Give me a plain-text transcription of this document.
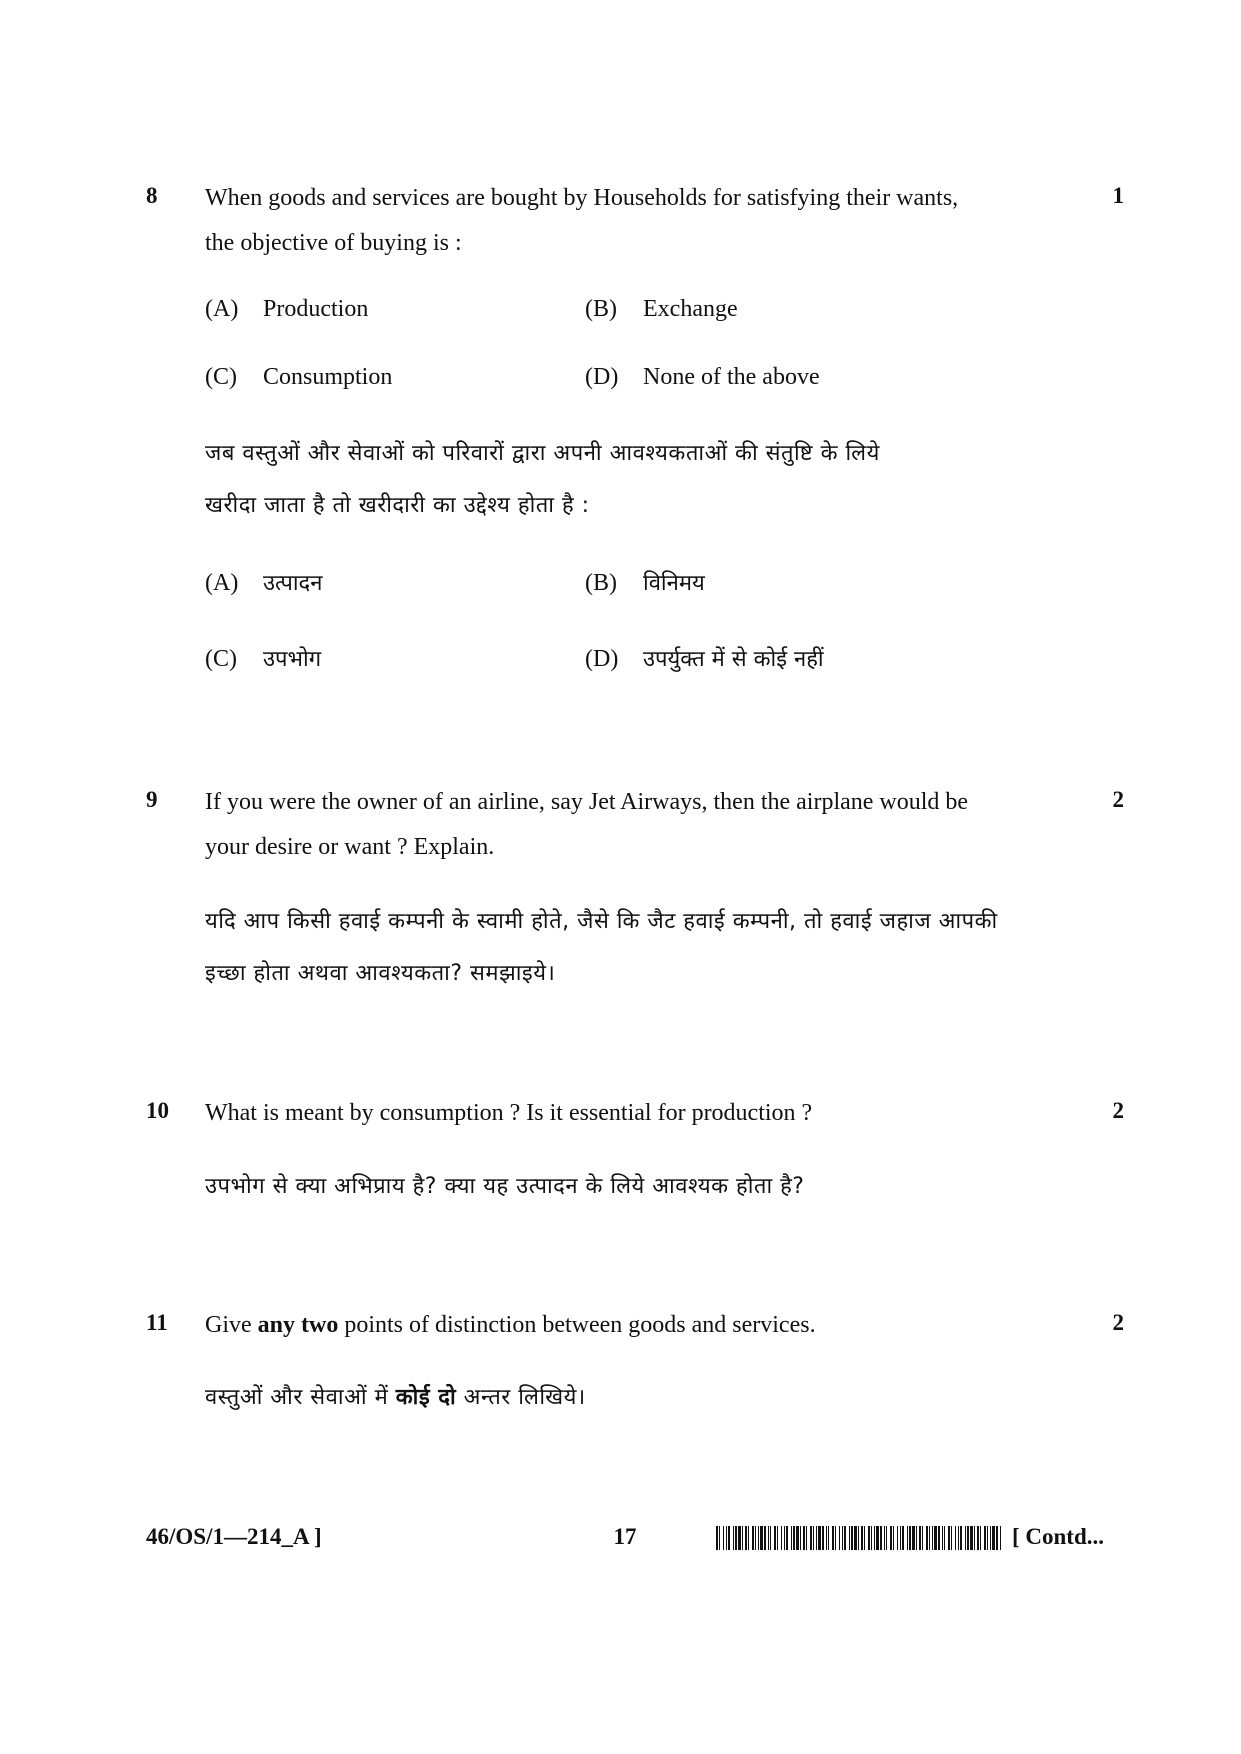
8	1
When goods and services are bought by Households for satisfying their wants,
the objective of buying is :
(A) Production	(B) Exchange
(C) Consumption	(D) None of the above
जब वस्तुओं और सेवाओं को परिवारों द्वारा अपनी आवश्यकताओं की संतुष्टि के लिये
खरीदा जाता है तो खरीदारी का उद्देश्य होता है :
(A) उत्पादन	(B) विनिमय
(C) उपभोग	(D) उपर्युक्त में से कोई नहीं
9	2
If you were the owner of an airline, say Jet Airways, then the airplane would be
your desire or want ? Explain.
यदि आप किसी हवाई कम्पनी के स्वामी होते, जैसे कि जैट हवाई कम्पनी, तो हवाई जहाज आपकी
इच्छा होता अथवा आवश्यकता? समझाइये।
10	2
What is meant by consumption ? Is it essential for production ?
उपभोग से क्या अभिप्राय है? क्या यह उत्पादन के लिये आवश्यक होता है?
11	2
Give any two points of distinction between goods and services.
वस्तुओं और सेवाओं में कोई दो अन्तर लिखिये।
46/OS/1—214_A ]	17	[ Contd...
